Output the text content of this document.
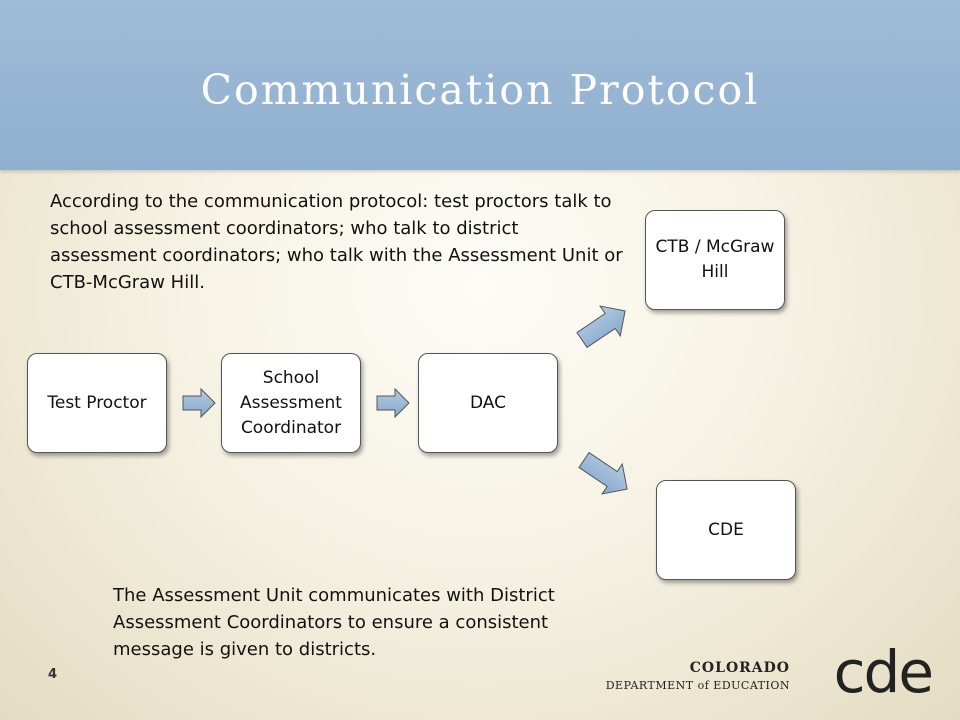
Communication Protocol
According to the communication protocol: test proctors talk to school assessment coordinators; who talk to district assessment coordinators; who talk with the Assessment Unit or CTB-McGraw Hill.
Test Proctor
School Assessment Coordinator
DAC
CTB / McGraw Hill
CDE
The Assessment Unit communicates with District Assessment Coordinators to ensure a consistent message is given to districts.
4	COLORADO
DEPARTMENT of EDUCATION cde
